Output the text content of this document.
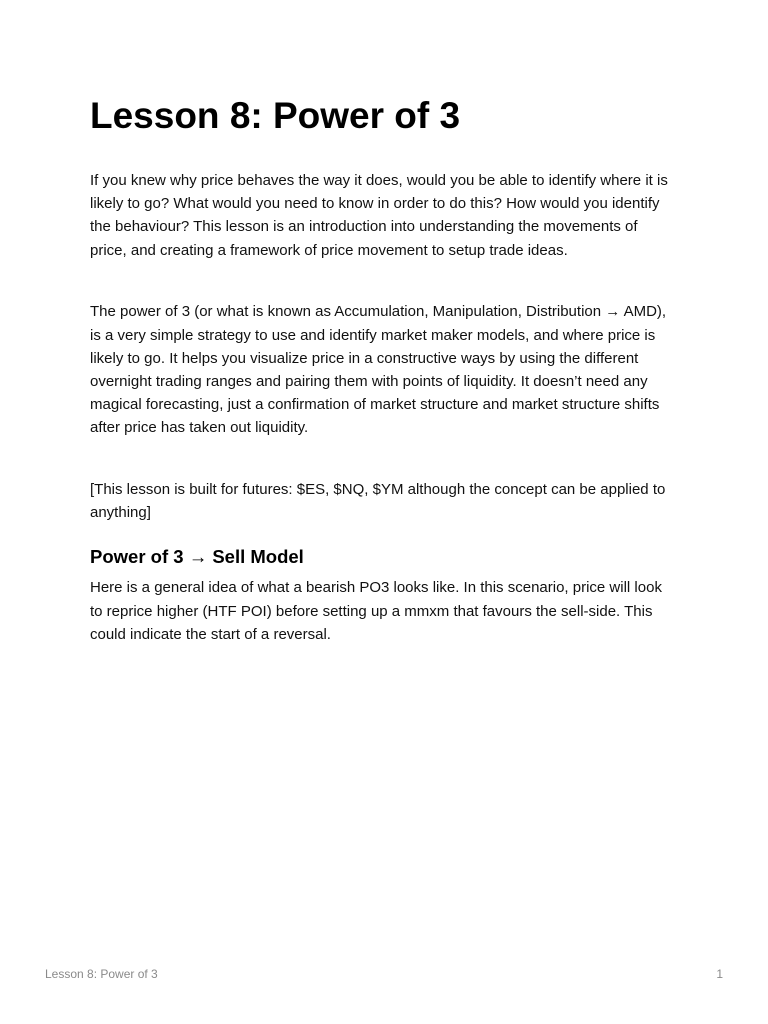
Lesson 8: Power of 3

If you knew why price behaves the way it does, would you be able to identify where it is likely to go? What would you need to know in order to do this? How would you identify the behaviour? This lesson is an introduction into understanding the movements of price, and creating a framework of price movement to setup trade ideas.

The power of 3 (or what is known as Accumulation, Manipulation, Distribution → AMD), is a very simple strategy to use and identify market maker models, and where price is likely to go. It helps you visualize price in a constructive ways by using the different overnight trading ranges and pairing them with points of liquidity. It doesn’t need any magical forecasting, just a confirmation of market structure and market structure shifts after price has taken out liquidity.

[This lesson is built for futures: $ES, $NQ, $YM although the concept can be applied to anything]

Power of 3 → Sell Model

Here is a general idea of what a bearish PO3 looks like. In this scenario, price will look to reprice higher (HTF POI) before setting up a mmxm that favours the sell-side. This could indicate the start of a reversal.

Lesson 8: Power of 3	1
